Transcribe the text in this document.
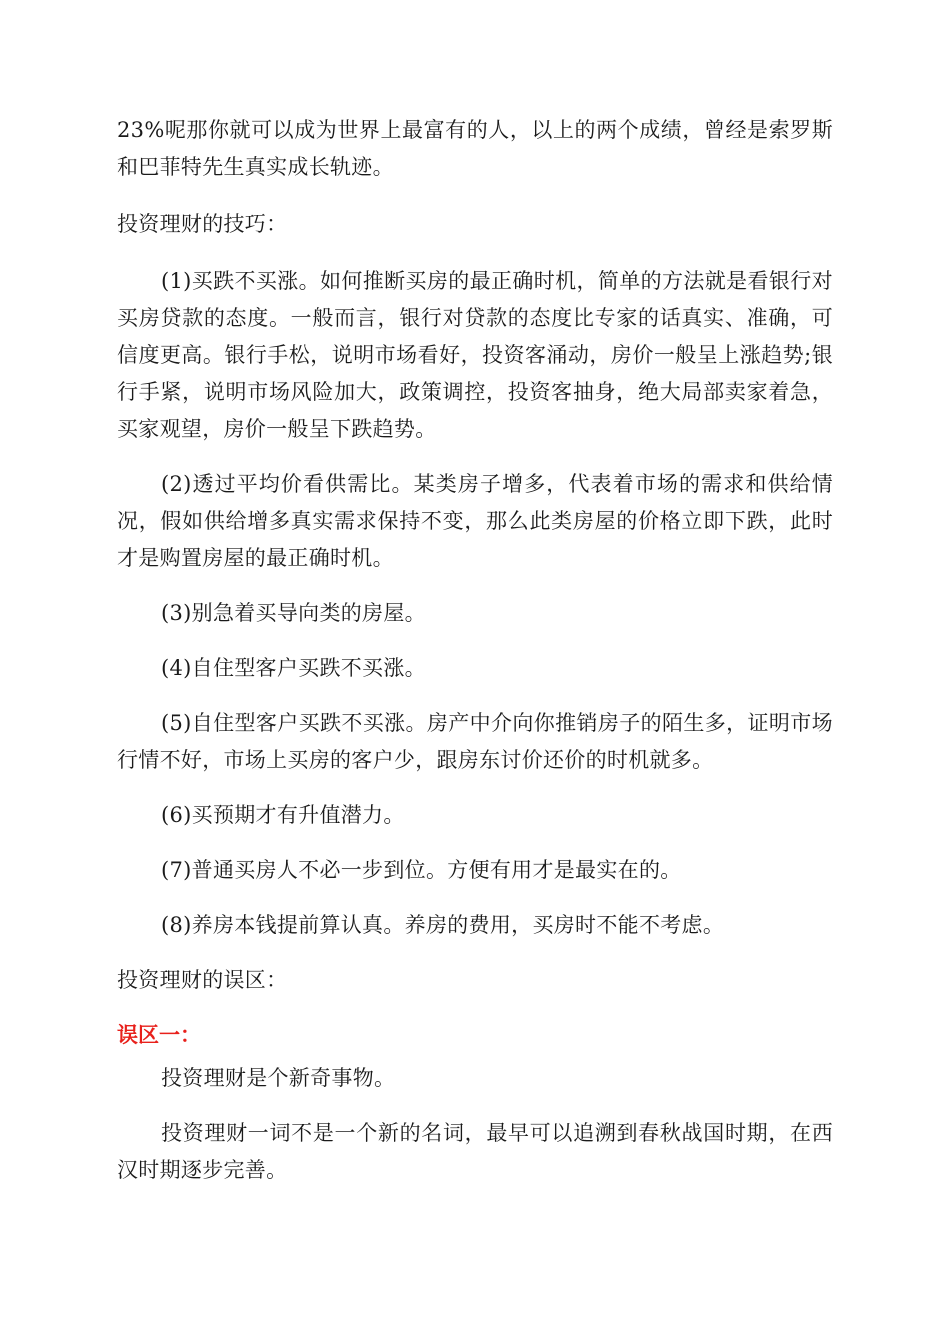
23%呢那你就可以成为世界上最富有的人，以上的两个成绩，曾经是索罗斯和巴菲特先生真实成长轨迹。

投资理财的技巧：

(1)买跌不买涨。如何推断买房的最正确时机，简单的方法就是看银行对买房贷款的态度。一般而言，银行对贷款的态度比专家的话真实、准确，可信度更高。银行手松，说明市场看好，投资客涌动，房价一般呈上涨趋势;银行手紧，说明市场风险加大，政策调控，投资客抽身，绝大局部卖家着急，买家观望，房价一般呈下跌趋势。

(2)透过平均价看供需比。某类房子增多，代表着市场的需求和供给情况，假如供给增多真实需求保持不变，那么此类房屋的价格立即下跌，此时才是购置房屋的最正确时机。

(3)别急着买导向类的房屋。

(4)自住型客户买跌不买涨。

(5)自住型客户买跌不买涨。房产中介向你推销房子的陌生多，证明市场行情不好，市场上买房的客户少，跟房东讨价还价的时机就多。

(6)买预期才有升值潜力。

(7)普通买房人不必一步到位。方便有用才是最实在的。

(8)养房本钱提前算认真。养房的费用，买房时不能不考虑。

投资理财的误区：

误区一：

投资理财是个新奇事物。

投资理财一词不是一个新的名词，最早可以追溯到春秋战国时期，在西汉时期逐步完善。
